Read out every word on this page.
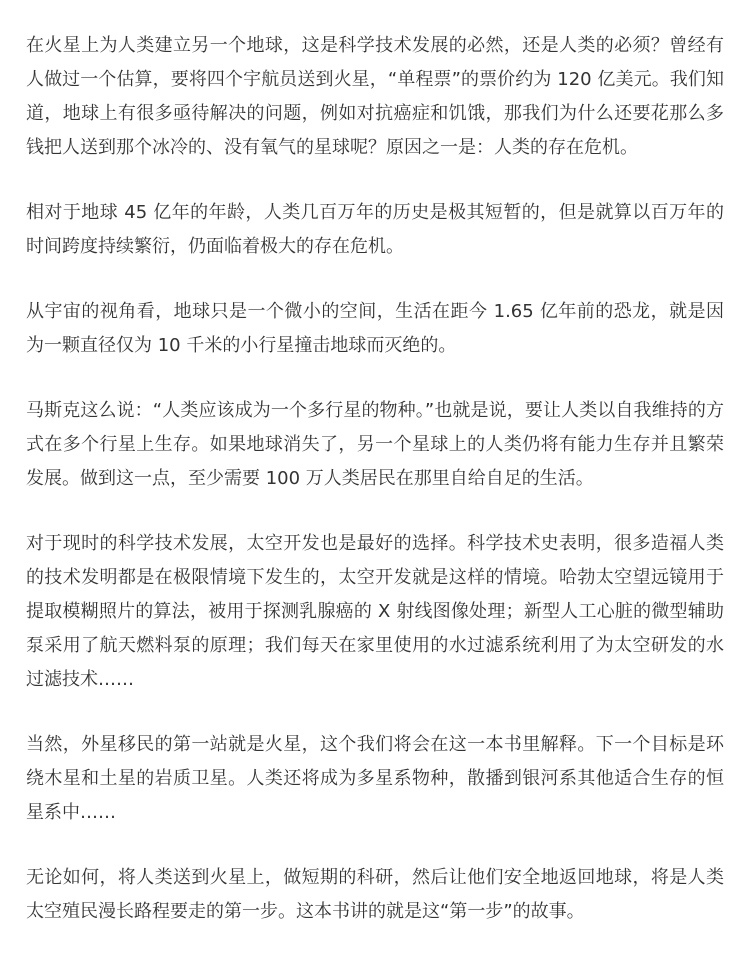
在火星上为人类建立另一个地球，这是科学技术发展的必然，还是人类的必须？曾经有人做过一个估算，要将四个宇航员送到火星，“单程票”的票价约为 120 亿美元。我们知道，地球上有很多亟待解决的问题，例如对抗癌症和饥饿，那我们为什么还要花那么多钱把人送到那个冰冷的、没有氧气的星球呢？原因之一是：人类的存在危机。

相对于地球 45 亿年的年龄，人类几百万年的历史是极其短暂的，但是就算以百万年的时间跨度持续繁衍，仍面临着极大的存在危机。

从宇宙的视角看，地球只是一个微小的空间，生活在距今 1.65 亿年前的恐龙，就是因为一颗直径仅为 10 千米的小行星撞击地球而灭绝的。

马斯克这么说：“人类应该成为一个多行星的物种。”也就是说，要让人类以自我维持的方式在多个行星上生存。如果地球消失了，另一个星球上的人类仍将有能力生存并且繁荣发展。做到这一点，至少需要 100 万人类居民在那里自给自足的生活。

对于现时的科学技术发展，太空开发也是最好的选择。科学技术史表明，很多造福人类的技术发明都是在极限情境下发生的，太空开发就是这样的情境。哈勃太空望远镜用于提取模糊照片的算法，被用于探测乳腺癌的 X 射线图像处理；新型人工心脏的微型辅助泵采用了航天燃料泵的原理；我们每天在家里使用的水过滤系统利用了为太空研发的水过滤技术……

当然，外星移民的第一站就是火星，这个我们将会在这一本书里解释。下一个目标是环绕木星和土星的岩质卫星。人类还将成为多星系物种，散播到银河系其他适合生存的恒星系中……

无论如何，将人类送到火星上，做短期的科研，然后让他们安全地返回地球，将是人类太空殖民漫长路程要走的第一步。这本书讲的就是这“第一步”的故事。
